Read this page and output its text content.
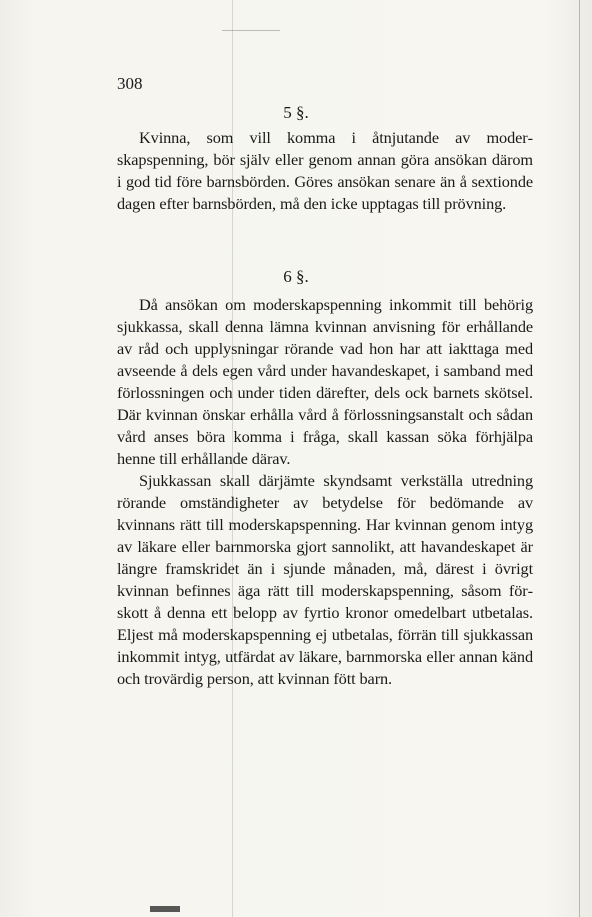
308
5 §.

Kvinna, som vill komma i åtnjutande av moderskapspenning, bör själv eller genom annan göra ansökan därom i god tid före barnsbörden. Göres ansökan senare än å sextionde dagen efter barnsbörden, må den icke upptagas till prövning.

6 §.

Då ansökan om moderskapspenning inkommit till behörig sjukkassa, skall denna lämna kvinnan anvisning för erhållande av råd och upplysningar rörande vad hon har att iakttaga med avseende å dels egen vård under havandeskapet, i samband med förlossningen och under tiden därefter, dels ock barnets skötsel. Där kvinnan önskar erhålla vård å förlossningsanstalt och sådan vård anses böra komma i fråga, skall kassan söka förhjälpa henne till erhållande därav.

Sjukkassan skall därjämte skyndsamt verkställa utredning rörande omständigheter av betydelse för bedömande av kvinnans rätt till moderskapspenning. Har kvinnan genom intyg av läkare eller barnmorska gjort sannolikt, att havandeskapet är längre framskridet än i sjunde månaden, må, därest i övrigt kvinnan befinnes äga rätt till moderskapspenning, såsom förskott å denna ett belopp av fyrtio kronor omedelbart utbetalas. Eljest må moderskapspenning ej utbetalas, förrän till sjukkassan inkommit intyg, utfärdat av läkare, barnmorska eller annan känd och trovärdig person, att kvinnan fött barn.
